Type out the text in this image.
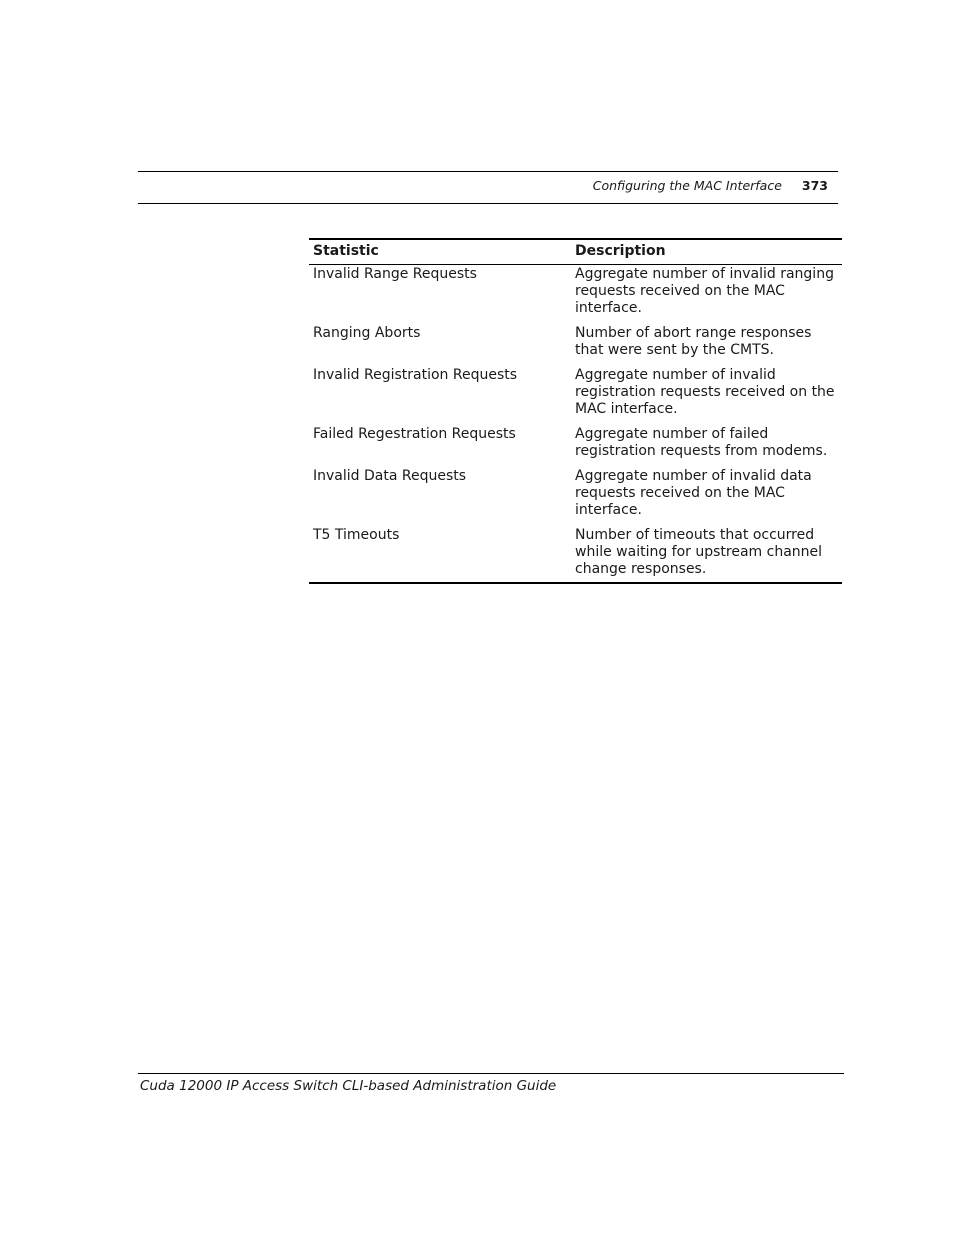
Configuring the MAC Interface 373
Statistic	Description
Invalid Range Requests	Aggregate number of invalid ranging requests received on the MAC interface.
Ranging Aborts	Number of abort range responses that were sent by the CMTS.
Invalid Registration Requests	Aggregate number of invalid registration requests received on the MAC interface.
Failed Regestration Requests	Aggregate number of failed registration requests from modems.
Invalid Data Requests	Aggregate number of invalid data requests received on the MAC interface.
T5 Timeouts	Number of timeouts that occurred while waiting for upstream channel change responses.
Cuda 12000 IP Access Switch CLI-based Administration Guide
